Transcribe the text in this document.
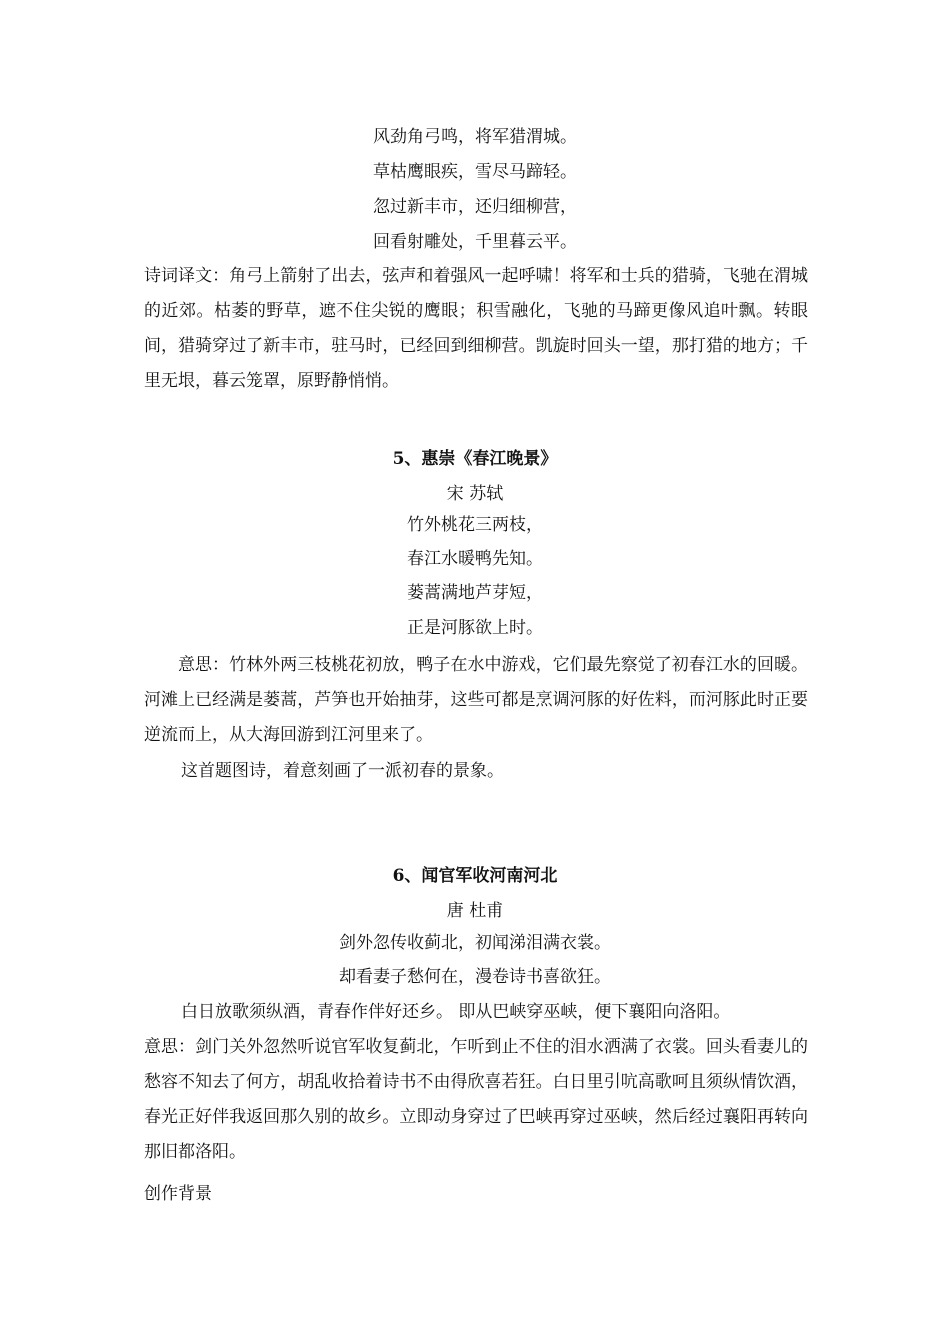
风劲角弓鸣，将军猎渭城。
草枯鹰眼疾，雪尽马蹄轻。
忽过新丰市，还归细柳营，
回看射雕处，千里暮云平。
诗词译文：角弓上箭射了出去，弦声和着强风一起呼啸！将军和士兵的猎骑，飞驰在渭城的近郊。枯萎的野草，遮不住尖锐的鹰眼；积雪融化，飞驰的马蹄更像风追叶飘。转眼间，猎骑穿过了新丰市，驻马时，已经回到细柳营。凯旋时回头一望，那打猎的地方；千里无垠，暮云笼罩，原野静悄悄。
5、惠崇《春江晚景》
宋 苏轼
竹外桃花三两枝，
春江水暖鸭先知。
蒌蒿满地芦芽短，
正是河豚欲上时。
意思：竹林外两三枝桃花初放，鸭子在水中游戏，它们最先察觉了初春江水的回暖。河滩上已经满是蒌蒿，芦笋也开始抽芽，这些可都是烹调河豚的好佐料，而河豚此时正要逆流而上，从大海回游到江河里来了。
这首题图诗，着意刻画了一派初春的景象。
6、闻官军收河南河北
唐 杜甫
剑外忽传收蓟北，初闻涕泪满衣裳。
却看妻子愁何在，漫卷诗书喜欲狂。
白日放歌须纵酒，青春作伴好还乡。 即从巴峡穿巫峡，便下襄阳向洛阳。
意思：剑门关外忽然听说官军收复蓟北，乍听到止不住的泪水洒满了衣裳。回头看妻儿的愁容不知去了何方，胡乱收拾着诗书不由得欣喜若狂。白日里引吭高歌呵且须纵情饮酒，春光正好伴我返回那久别的故乡。立即动身穿过了巴峡再穿过巫峡，然后经过襄阳再转向那旧都洛阳。
创作背景
